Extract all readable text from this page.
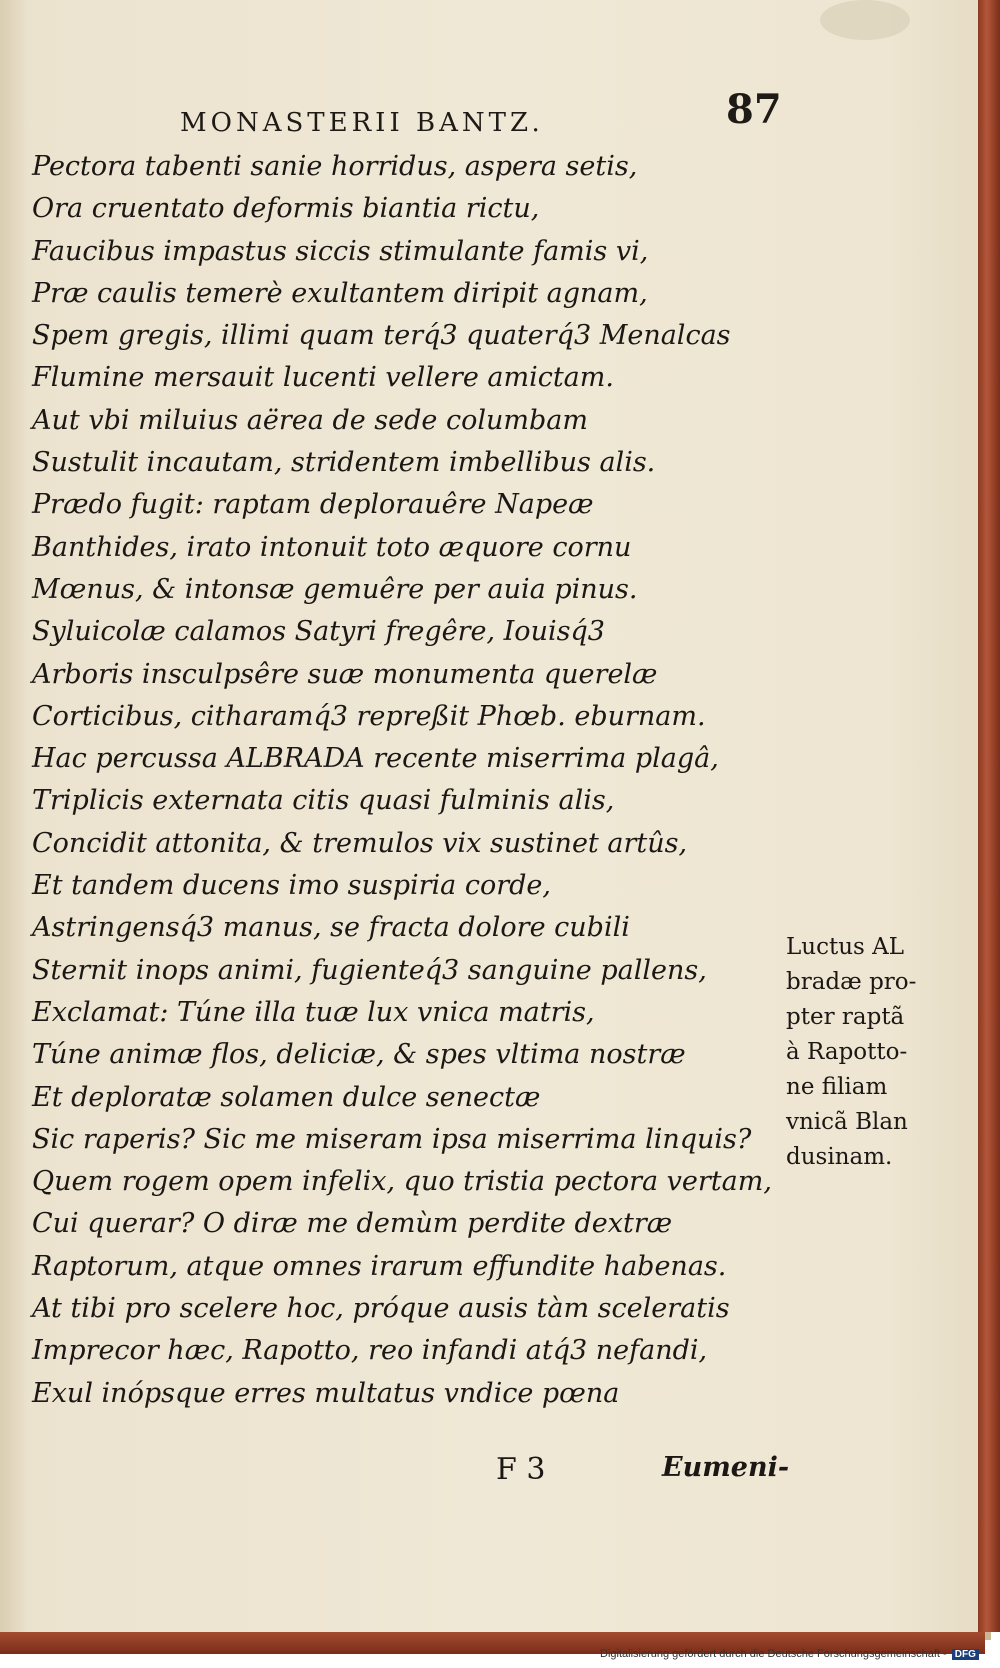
MONASTERII BANTZ.	87
Pectora tabenti sanie horridus, aspera setis,
Ora cruentato deformis biantia rictu,
Faucibus impastus siccis stimulante famis vi,
Præ caulis temerè exultantem diripit agnam,
Spem gregis, illimi quam terq́3 quaterq́3 Menalcas
Flumine mersauit lucenti vellere amictam.
Aut vbi miluius aërea de sede columbam
Sustulit incautam, stridentem imbellibus alis.
Prædo fugit: raptam deplorauêre Napeæ
Banthides, irato intonuit toto æquore cornu
Mœnus, & intonsæ gemuêre per auia pinus.
Syluicolæ calamos Satyri fregêre, Iouisq́3
Arboris insculpsêre suæ monumenta querelæ
Corticibus, citharamq́3 repreßit Phœb. eburnam.
Hac percussa ALBRADA recente miserrima plagâ,
Triplicis externata citis quasi fulminis alis,
Concidit attonita, & tremulos vix sustinet artûs,
Et tandem ducens imo suspiria corde,
Astringensq́3 manus, se fracta dolore cubili
Sternit inops animi, fugienteq́3 sanguine pallens,
Exclamat: Túne illa tuæ lux vnica matris,
Túne animæ flos, deliciæ, & spes vltima nostræ
Et deploratæ solamen dulce senectæ
Sic raperis? Sic me miseram ipsa miserrima linquis?
Quem rogem opem infelix, quo tristia pectora vertam,
Cui querar? O diræ me demùm perdite dextræ
Raptorum, atque omnes irarum effundite habenas.
At tibi pro scelere hoc, próque ausis tàm sceleratis
Imprecor hæc, Rapotto, reo infandi atq́3 nefandi,
Exul inópsque erres multatus vndice pœna
Luctus AL
bradæ pro-
pter raptã
à Rapotto-
ne filiam
vnicã Blan
dusinam.
F 3	Eumeni-
Digitalisierung gefördert durch die Deutsche Forschungsgemeinschaft - DFG
